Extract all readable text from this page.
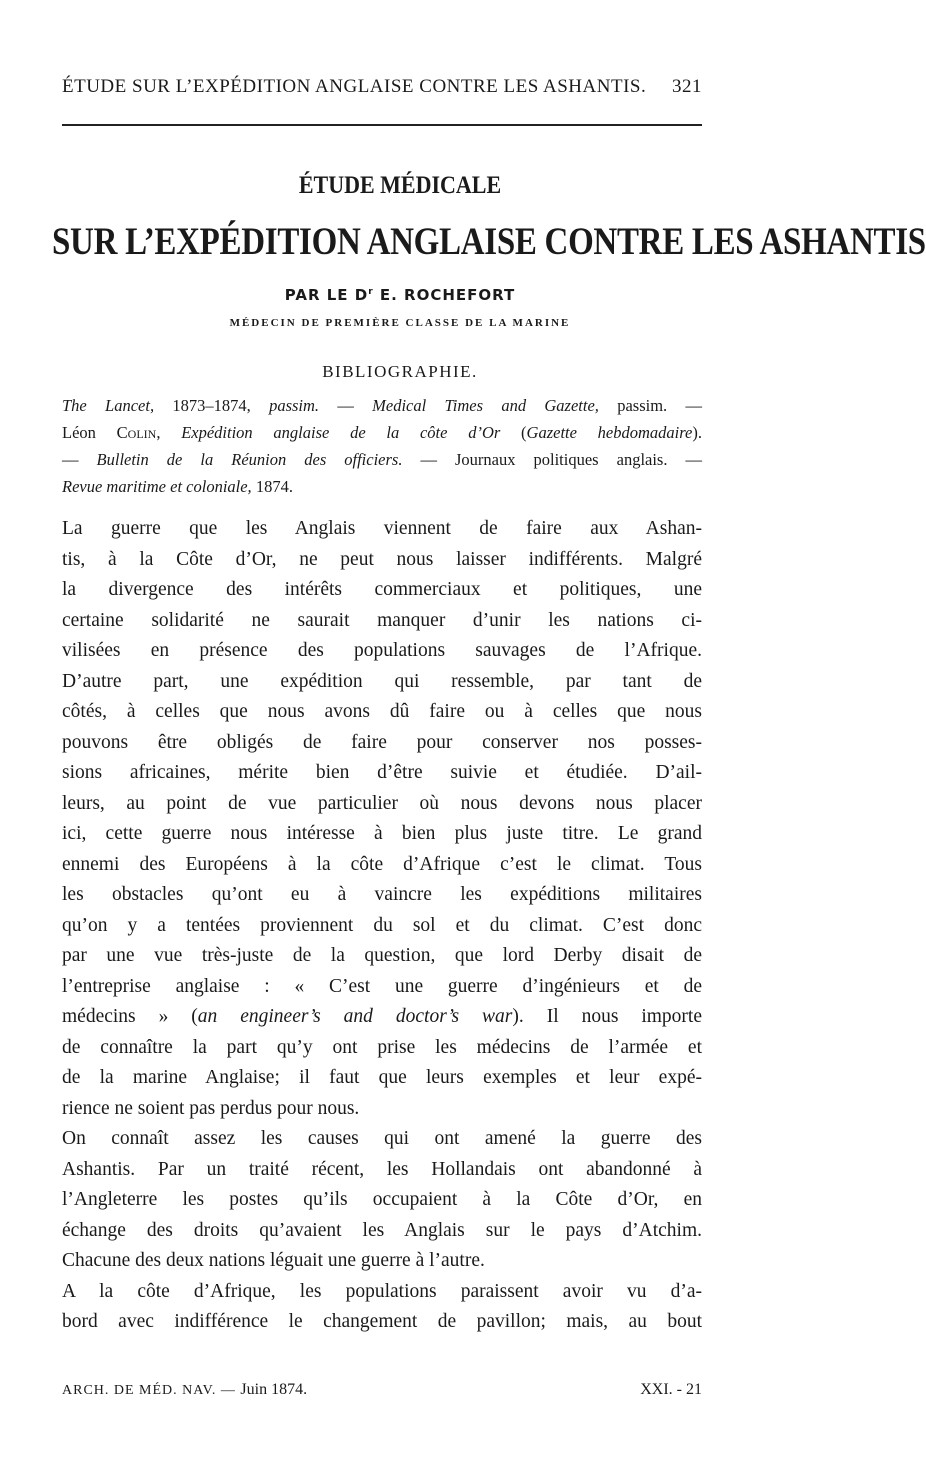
ÉTUDE SUR L’EXPÉDITION ANGLAISE CONTRE LES ASHANTIS. 321
ÉTUDE MÉDICALE
SUR L’EXPÉDITION ANGLAISE CONTRE LES ASHANTIS
PAR LE $D^r$ E. ROCHEFORT
MÉDECIN DE PREMIÈRE CLASSE DE LA MARINE
BIBLIOGRAPHIE.
The Lancet, 1873–1874, passim. — Medical Times and Gazette, passim. —
Léon Colin, Expédition anglaise de la côte d’Or (Gazette hebdomadaire).
— Bulletin de la Réunion des officiers. — Journaux politiques anglais. —
Revue maritime et coloniale, 1874.
La guerre que les Anglais viennent de faire aux Ashan-
tis, à la Côte d’Or, ne peut nous laisser indifférents. Malgré
la divergence des intérêts commerciaux et politiques, une
certaine solidarité ne saurait manquer d’unir les nations ci-
vilisées en présence des populations sauvages de l’Afrique.
D’autre part, une expédition qui ressemble, par tant de
côtés, à celles que nous avons dû faire ou à celles que nous
pouvons être obligés de faire pour conserver nos posses-
sions africaines, mérite bien d’être suivie et étudiée. D’ail-
leurs, au point de vue particulier où nous devons nous placer
ici, cette guerre nous intéresse à bien plus juste titre. Le grand
ennemi des Européens à la côte d’Afrique c’est le climat. Tous
les obstacles qu’ont eu à vaincre les expéditions militaires
qu’on y a tentées proviennent du sol et du climat. C’est donc
par une vue très-juste de la question, que lord Derby disait de
l’entreprise anglaise : « C’est une guerre d’ingénieurs et de
médecins » (an engineer’s and doctor’s war). Il nous importe
de connaître la part qu’y ont prise les médecins de l’armée et
de la marine Anglaise; il faut que leurs exemples et leur expé-
rience ne soient pas perdus pour nous.
On connaît assez les causes qui ont amené la guerre des
Ashantis. Par un traité récent, les Hollandais ont abandonné à
l’Angleterre les postes qu’ils occupaient à la Côte d’Or, en
échange des droits qu’avaient les Anglais sur le pays d’Atchim.
Chacune des deux nations léguait une guerre à l’autre.
A la côte d’Afrique, les populations paraissent avoir vu d’a-
bord avec indifférence le changement de pavillon; mais, au bout
ARCH. DE MÉD. NAV. — Juin 1874.	XXI. - 21
